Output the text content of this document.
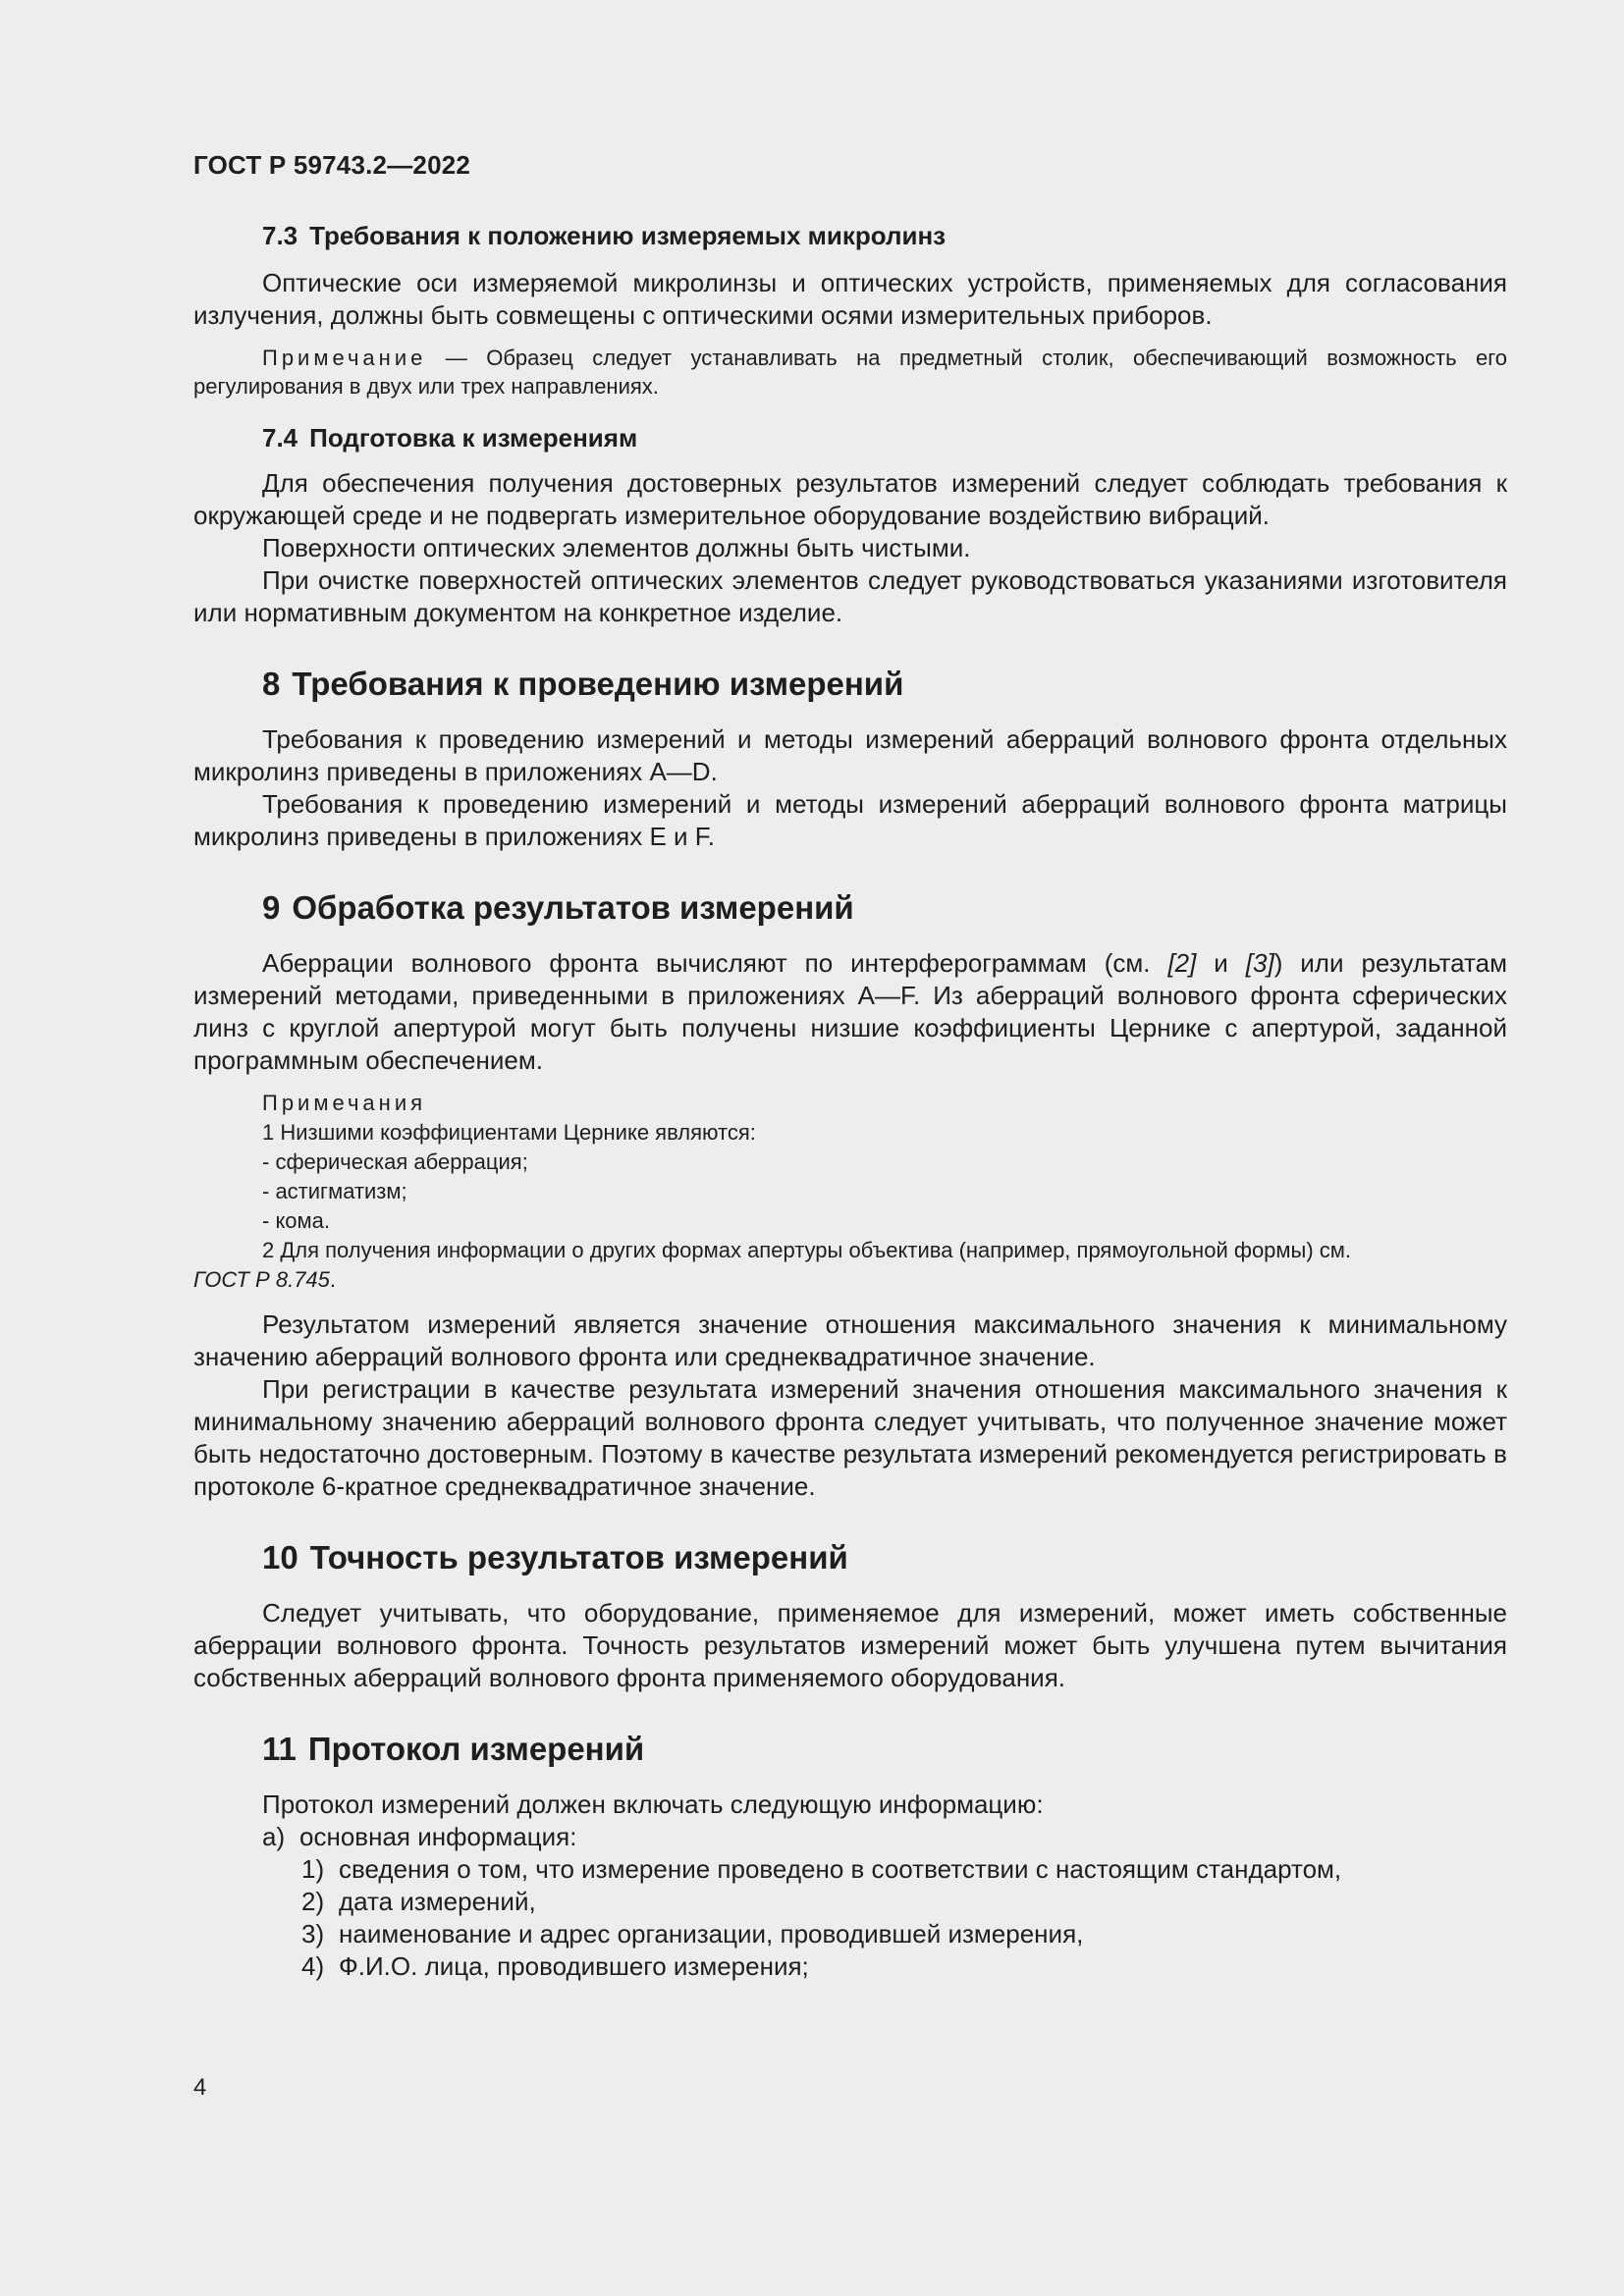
ГОСТ Р 59743.2—2022
7.3 Требования к положению измеряемых микролинз

Оптические оси измеряемой микролинзы и оптических устройств, применяемых для согласования излучения, должны быть совмещены с оптическими осями измерительных приборов.

Примечание — Образец следует устанавливать на предметный столик, обеспечивающий возможность его регулирования в двух или трех направлениях.

7.4 Подготовка к измерениям

Для обеспечения получения достоверных результатов измерений следует соблюдать требования к окружающей среде и не подвергать измерительное оборудование воздействию вибраций.

Поверхности оптических элементов должны быть чистыми.

При очистке поверхностей оптических элементов следует руководствоваться указаниями изготовителя или нормативным документом на конкретное изделие.

8 Требования к проведению измерений

Требования к проведению измерений и методы измерений аберраций волнового фронта отдельных микролинз приведены в приложениях А—D.

Требования к проведению измерений и методы измерений аберраций волнового фронта матрицы микролинз приведены в приложениях Е и F.

9 Обработка результатов измерений

Аберрации волнового фронта вычисляют по интерферограммам (см. [2] и [3]) или результатам измерений методами, приведенными в приложениях А—F. Из аберраций волнового фронта сферических линз с круглой апертурой могут быть получены низшие коэффициенты Цернике с апертурой, заданной программным обеспечением.

Примечания
1 Низшими коэффициентами Цернике являются:
- сферическая аберрация;
- астигматизм;
- кома.
2 Для получения информации о других формах апертуры объектива (например, прямоугольной формы) см.
ГОСТ Р 8.745.

Результатом измерений является значение отношения максимального значения к минимальному значению аберраций волнового фронта или среднеквадратичное значение.

При регистрации в качестве результата измерений значения отношения максимального значения к минимальному значению аберраций волнового фронта следует учитывать, что полученное значение может быть недостаточно достоверным. Поэтому в качестве результата измерений рекомендуется регистрировать в протоколе 6-кратное среднеквадратичное значение.

10 Точность результатов измерений

Следует учитывать, что оборудование, применяемое для измерений, может иметь собственные аберрации волнового фронта. Точность результатов измерений может быть улучшена путем вычитания собственных аберраций волнового фронта применяемого оборудования.

11 Протокол измерений

Протокол измерений должен включать следующую информацию:

а) основная информация:
1) сведения о том, что измерение проведено в соответствии с настоящим стандартом,
2) дата измерений,
3) наименование и адрес организации, проводившей измерения,
4) Ф.И.О. лица, проводившего измерения;
4
